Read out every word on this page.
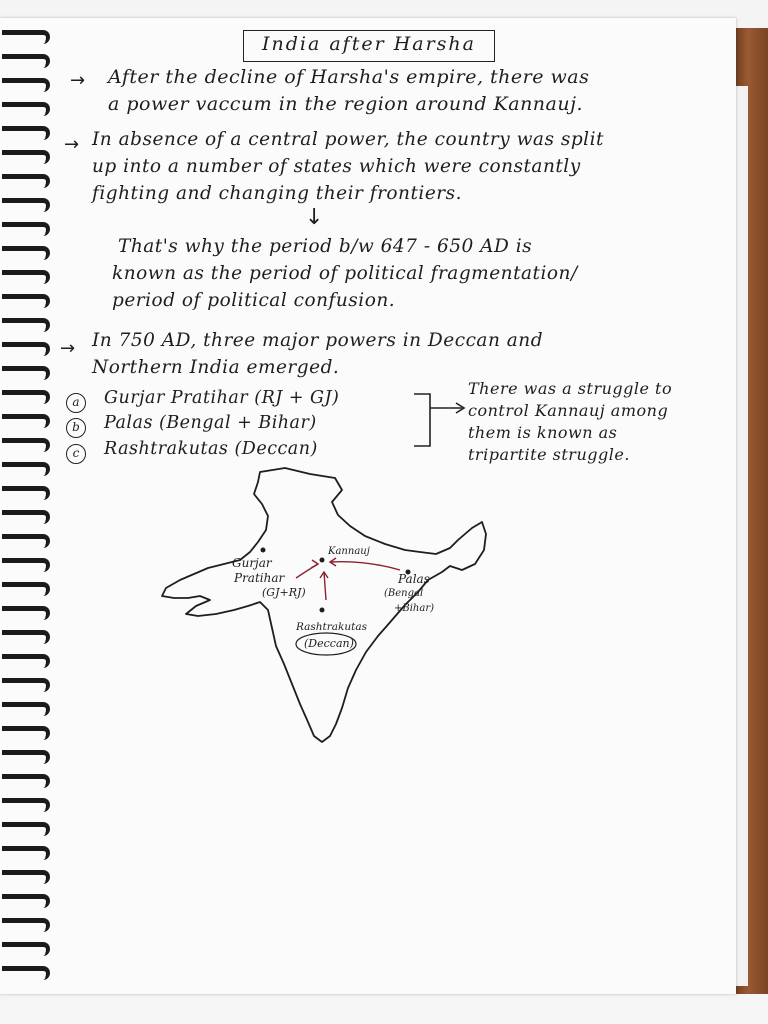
India after Harsha
→ After the decline of Harsha's empire, there was
a power vaccum in the region around Kannauj.
→ In absence of a central power, the country was split
up into a number of states which were constantly
fighting and changing their frontiers.
↓
That's why the period b/w 647 - 650 AD is
known as the period of political fragmentation/
period of political confusion.
→ In 750 AD, three major powers in Deccan and
Northern India emerged.
a	Gurjar Pratihar (RJ + GJ)
b	Palas (Bengal + Bihar)
c	Rashtrakutas (Deccan)
There was a struggle to
control Kannauj among
them is known as
tripartite struggle.
Kannauj
Gurjar
Pratihar
(GJ+RJ)
Palas
(Bengal
+Bihar)
Rashtrakutas
(Deccan)
